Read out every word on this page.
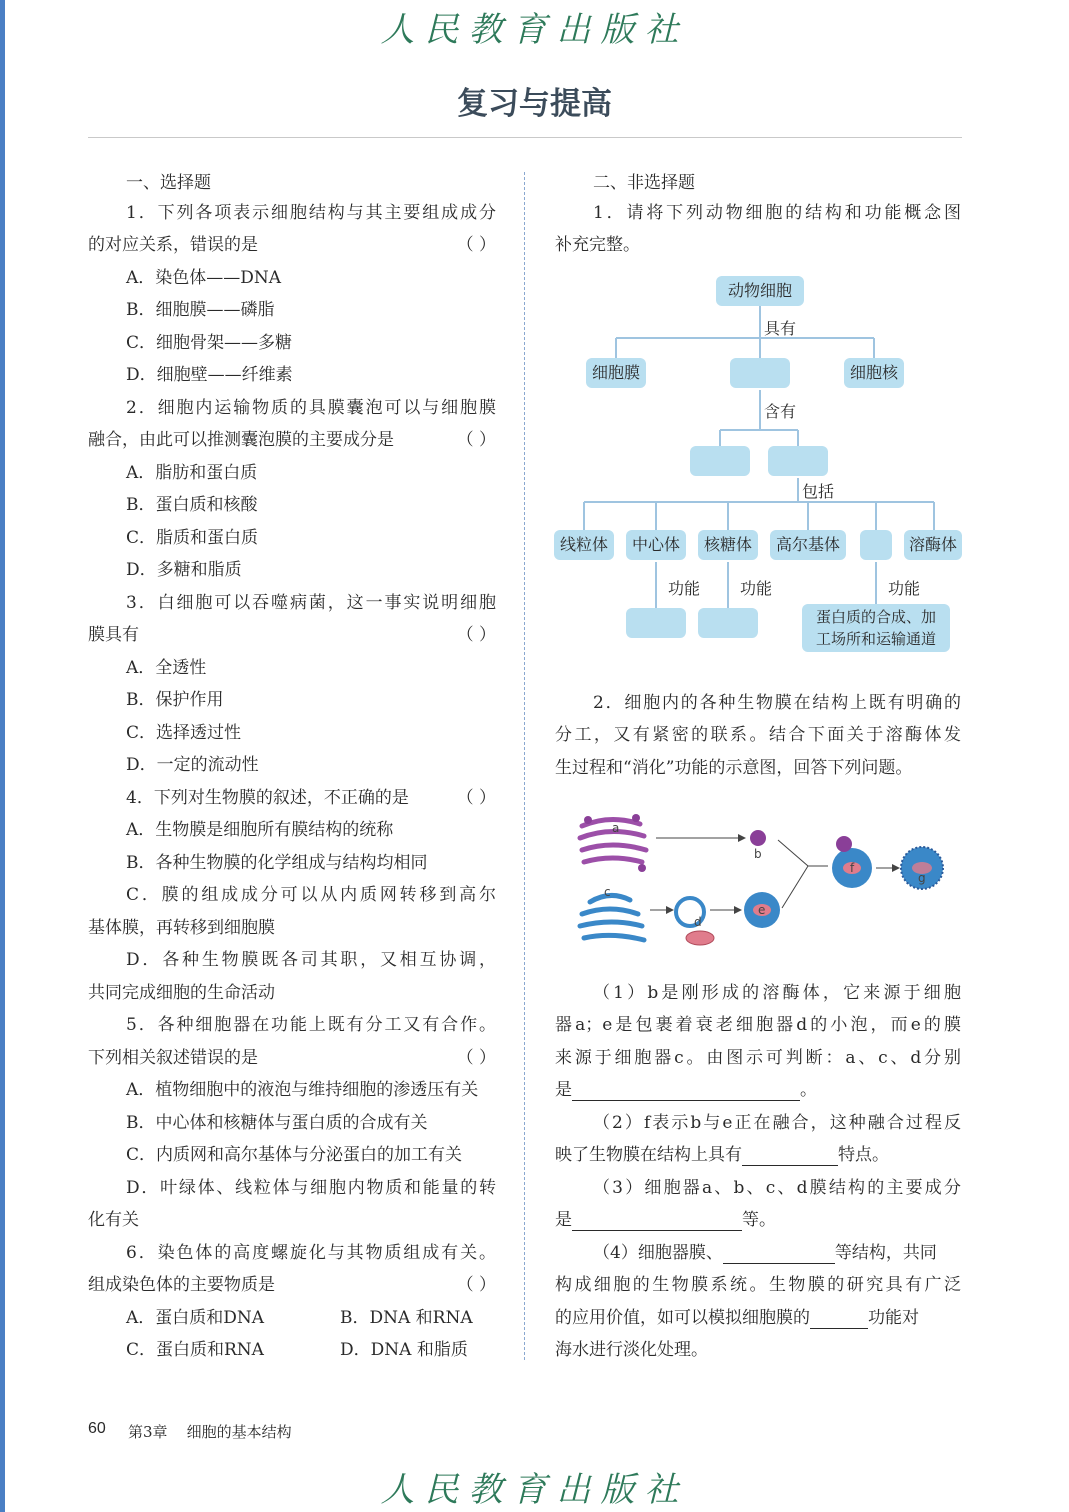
人民教育出版社
复习与提高
一、选择题
1．下列各项表示细胞结构与其主要组成成分
的对应关系，错误的是	（ ）
A．染色体——DNA
B．细胞膜——磷脂
C．细胞骨架——多糖
D．细胞壁——纤维素
2．细胞内运输物质的具膜囊泡可以与细胞膜
融合，由此可以推测囊泡膜的主要成分是	（ ）
A．脂肪和蛋白质
B．蛋白质和核酸
C．脂质和蛋白质
D．多糖和脂质
3．白细胞可以吞噬病菌，这一事实说明细胞
膜具有	（ ）
A．全透性
B．保护作用
C．选择透过性
D．一定的流动性
4．下列对生物膜的叙述，不正确的是	（ ）
A．生物膜是细胞所有膜结构的统称
B．各种生物膜的化学组成与结构均相同
C．膜的组成成分可以从内质网转移到高尔
基体膜，再转移到细胞膜
D．各种生物膜既各司其职，又相互协调，
共同完成细胞的生命活动
5．各种细胞器在功能上既有分工又有合作。
下列相关叙述错误的是	（ ）
A．植物细胞中的液泡与维持细胞的渗透压有关
B．中心体和核糖体与蛋白质的合成有关
C．内质网和高尔基体与分泌蛋白的加工有关
D．叶绿体、线粒体与细胞内物质和能量的转
化有关
6．染色体的高度螺旋化与其物质组成有关。
组成染色体的主要物质是	（ ）
A．蛋白质和DNA	B．DNA 和RNA
C．蛋白质和RNA	D．DNA 和脂质
二、非选择题
1．请将下列动物细胞的结构和功能概念图
补充完整。
动物细胞
具有
细胞膜	细胞核
含有
包括
线粒体	中心体	核糖体	高尔基体	溶酶体
功能 功能	功能
蛋白质的合成、加
工场所和运输通道
2．细胞内的各种生物膜在结构上既有明确的
分工，又有紧密的联系。结合下面关于溶酶体发
生过程和“消化”功能的示意图，回答下列问题。
a
b
c
d
e
f
g
（1）b是刚形成的溶酶体，它来源于细胞
器a；e是包裹着衰老细胞器d的小泡，而e的膜
来源于细胞器c。由图示可判断：a、c、d分别
是	。
（2）f表示b与e正在融合，这种融合过程反
映了生物膜在结构上具有	特点。
（3）细胞器a、b、c、d膜结构的主要成分
是	等。
（4）细胞器膜、	等结构，共同
构成细胞的生物膜系统。生物膜的研究具有广泛
的应用价值，如可以模拟细胞膜的	功能对
海水进行淡化处理。
60 第3章    细胞的基本结构
人民教育出版社
